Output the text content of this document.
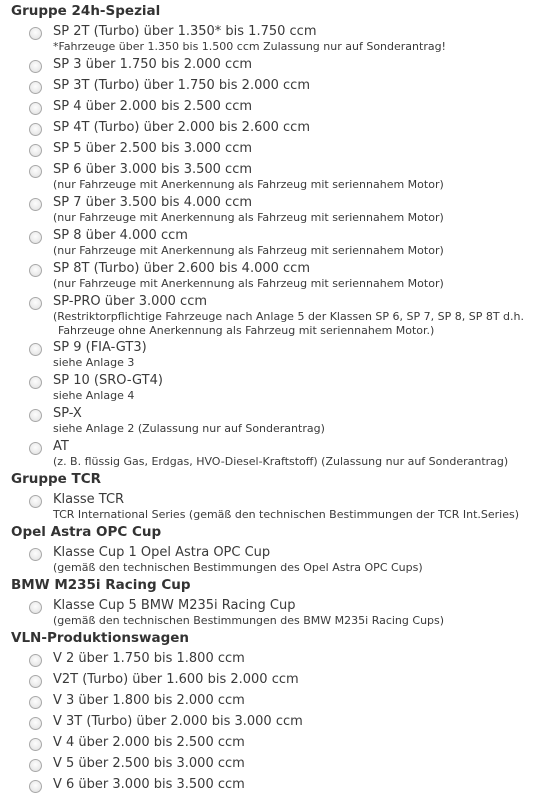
Gruppe 24h-Spezial
SP 2T (Turbo) über 1.350* bis 1.750 ccm
*Fahrzeuge über 1.350 bis 1.500 ccm Zulassung nur auf Sonderantrag!
SP 3 über 1.750 bis 2.000 ccm
SP 3T (Turbo) über 1.750 bis 2.000 ccm
SP 4 über 2.000 bis 2.500 ccm
SP 4T (Turbo) über 2.000 bis 2.600 ccm
SP 5 über 2.500 bis 3.000 ccm
SP 6 über 3.000 bis 3.500 ccm
(nur Fahrzeuge mit Anerkennung als Fahrzeug mit seriennahem Motor)
SP 7 über 3.500 bis 4.000 ccm
(nur Fahrzeuge mit Anerkennung als Fahrzeug mit seriennahem Motor)
SP 8 über 4.000 ccm
(nur Fahrzeuge mit Anerkennung als Fahrzeug mit seriennahem Motor)
SP 8T (Turbo) über 2.600 bis 4.000 ccm
(nur Fahrzeuge mit Anerkennung als Fahrzeug mit seriennahem Motor)
SP-PRO über 3.000 ccm
(Restriktorpflichtige Fahrzeuge nach Anlage 5 der Klassen SP 6, SP 7, SP 8, SP 8T d.h.
Fahrzeuge ohne Anerkennung als Fahrzeug mit seriennahem Motor.)
SP 9 (FIA-GT3)
siehe Anlage 3
SP 10 (SRO-GT4)
siehe Anlage 4
SP-X
siehe Anlage 2 (Zulassung nur auf Sonderantrag)
AT
(z. B. flüssig Gas, Erdgas, HVO-Diesel-Kraftstoff) (Zulassung nur auf Sonderantrag)
Gruppe TCR
Klasse TCR
TCR International Series (gemäß den technischen Bestimmungen der TCR Int.Series)
Opel Astra OPC Cup
Klasse Cup 1 Opel Astra OPC Cup
(gemäß den technischen Bestimmungen des Opel Astra OPC Cups)
BMW M235i Racing Cup
Klasse Cup 5 BMW M235i Racing Cup
(gemäß den technischen Bestimmungen des BMW M235i Racing Cups)
VLN-Produktionswagen
V 2 über 1.750 bis 1.800 ccm
V2T (Turbo) über 1.600 bis 2.000 ccm
V 3 über 1.800 bis 2.000 ccm
V 3T (Turbo) über 2.000 bis 3.000 ccm
V 4 über 2.000 bis 2.500 ccm
V 5 über 2.500 bis 3.000 ccm
V 6 über 3.000 bis 3.500 ccm
